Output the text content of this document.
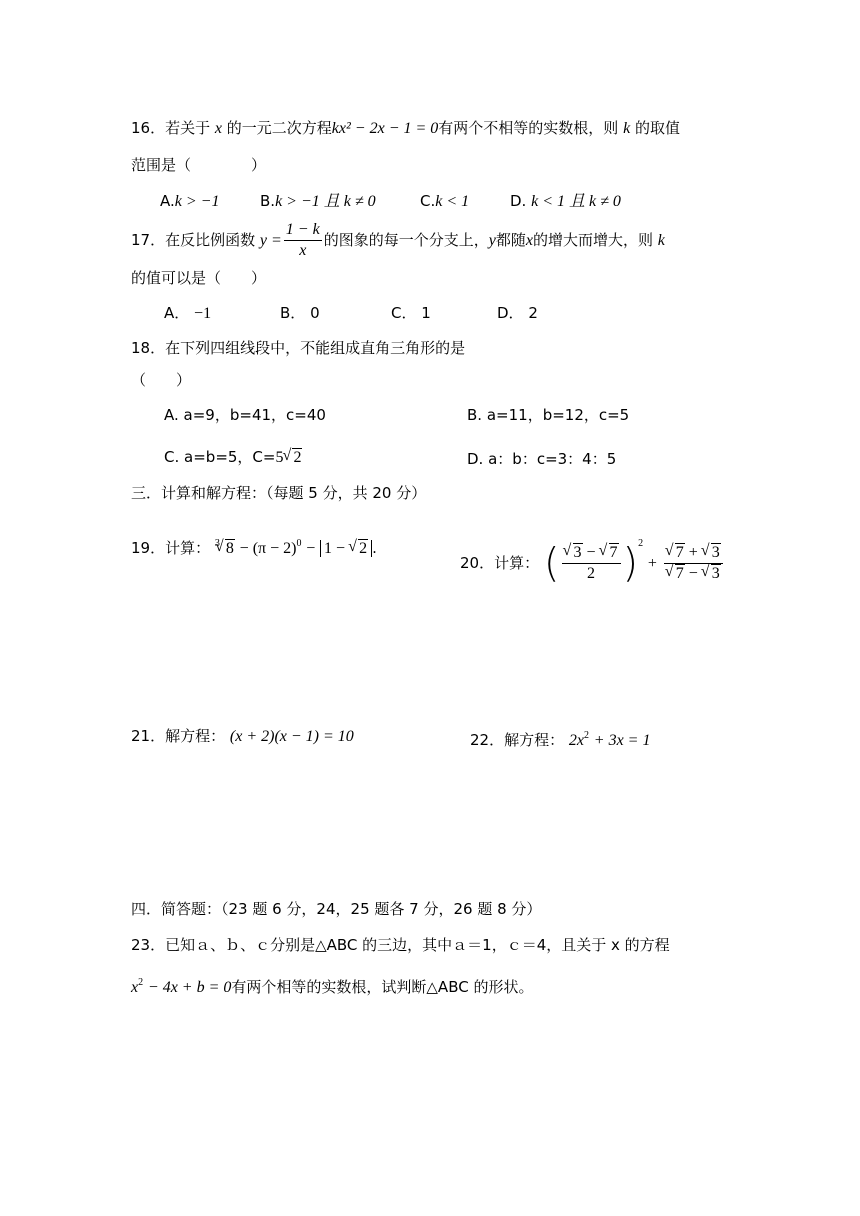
16．若关于 x 的一元二次方程kx² − 2x − 1 = 0有两个不相等的实数根，则 k 的取值
范围是（　　　　）
A.k > −1	B.k > −1 且 k ≠ 0	C.k < 1	D. k < 1 且 k ≠ 0
17．在反比例函数 $y = \frac{1 - k}{x}$ 的图象的每一个分支上，y都随x的增大而增大，则 k
的值可以是（　　）
A． −1	B． 0	C． 1	D． 2
18．在下列四组线段中，不能组成直角三角形的是
（　　）
A. a=9，b=41，c=40	B. a=11，b=12，c=5
C. a=b=5，C=5 √ 2	D. a：b：c=3：4：5
三．计算和解方程：（每题 5 分，共 20 分）
19．计算： $^3$ √ $8 - (\pi - 2)^0 - 1$ − √ 2 .
20．计算： ( √ $\frac{3 - √ 7}{2} )^2$ + √ 7 + √ 3
√ 7 − √ 3
21．解方程： (x + 2)(x − 1) = 10	22．解方程： $2x^2 + 3x = 1$
四．简答题：（23 题 6 分，24，25 题各 7 分，26 题 8 分）
23．已知ａ、ｂ、ｃ分别是△ABC 的三边，其中ａ＝1，ｃ＝4，且关于 x 的方程
$x^2 - 4x + b = 0$有两个相等的实数根，试判断△ABC 的形状。
